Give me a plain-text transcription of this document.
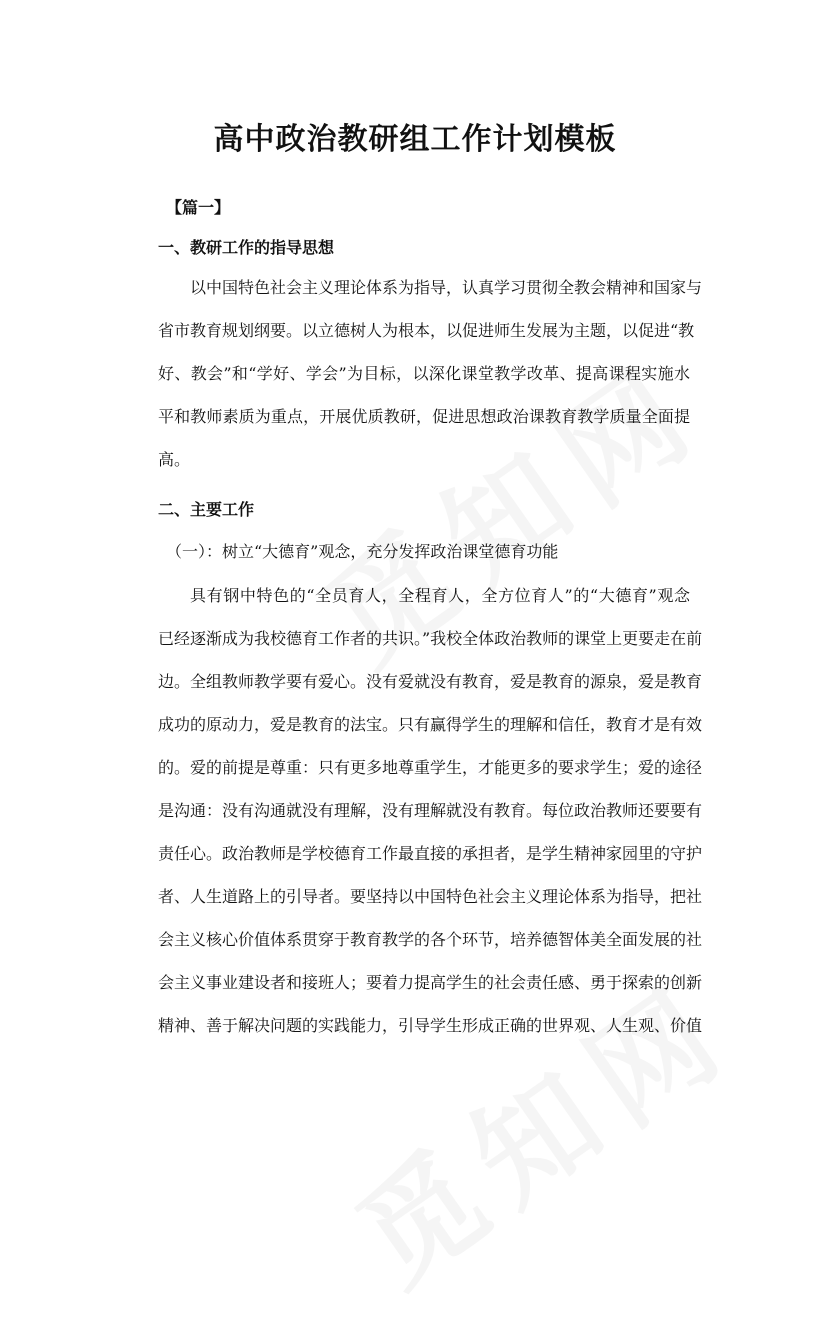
高中政治教研组工作计划模板
【篇一】
一、教研工作的指导思想
以中国特色社会主义理论体系为指导，认真学习贯彻全教会精神和国家与
省市教育规划纲要。以立德树人为根本，以促进师生发展为主题，以促进“教
好、教会”和“学好、学会”为目标，以深化课堂教学改革、提高课程实施水
平和教师素质为重点，开展优质教研，促进思想政治课教育教学质量全面提
高。
二、主要工作
（一）：树立“大德育”观念，充分发挥政治课堂德育功能
具有钢中特色的“全员育人，全程育人，全方位育人”的“大德育”观念
已经逐渐成为我校德育工作者的共识。”我校全体政治教师的课堂上更要走在前
边。全组教师教学要有爱心。没有爱就没有教育，爱是教育的源泉，爱是教育
成功的原动力，爱是教育的法宝。只有赢得学生的理解和信任，教育才是有效
的。爱的前提是尊重：只有更多地尊重学生，才能更多的要求学生；爱的途径
是沟通：没有沟通就没有理解，没有理解就没有教育。每位政治教师还要要有
责任心。政治教师是学校德育工作最直接的承担者，是学生精神家园里的守护
者、人生道路上的引导者。要坚持以中国特色社会主义理论体系为指导，把社
会主义核心价值体系贯穿于教育教学的各个环节，培养德智体美全面发展的社
会主义事业建设者和接班人；要着力提高学生的社会责任感、勇于探索的创新
精神、善于解决问题的实践能力，引导学生形成正确的世界观、人生观、价值
